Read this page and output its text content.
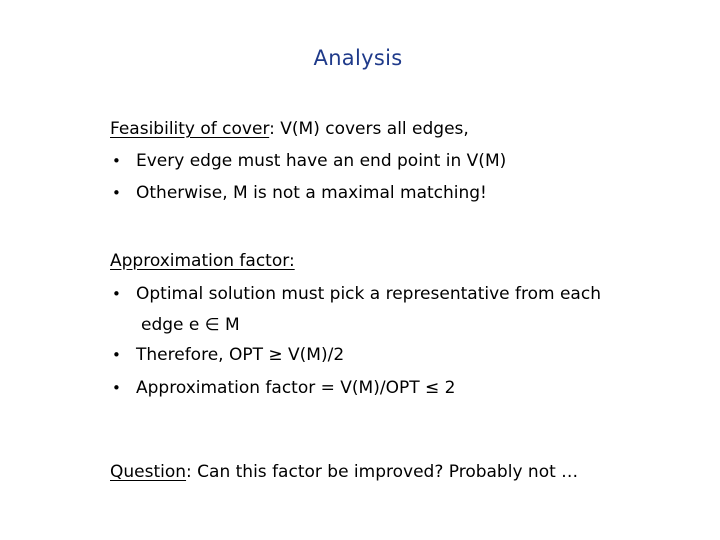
Analysis
Feasibility of cover: V(M) covers all edges,
• Every edge must have an end point in V(M)
• Otherwise, M is not a maximal matching!
Approximation factor:
• Optimal solution must pick a representative from each
edge e ∈ M
• Therefore, OPT ≥ V(M)/2
• Approximation factor = V(M)/OPT ≤ 2
Question: Can this factor be improved? Probably not …
